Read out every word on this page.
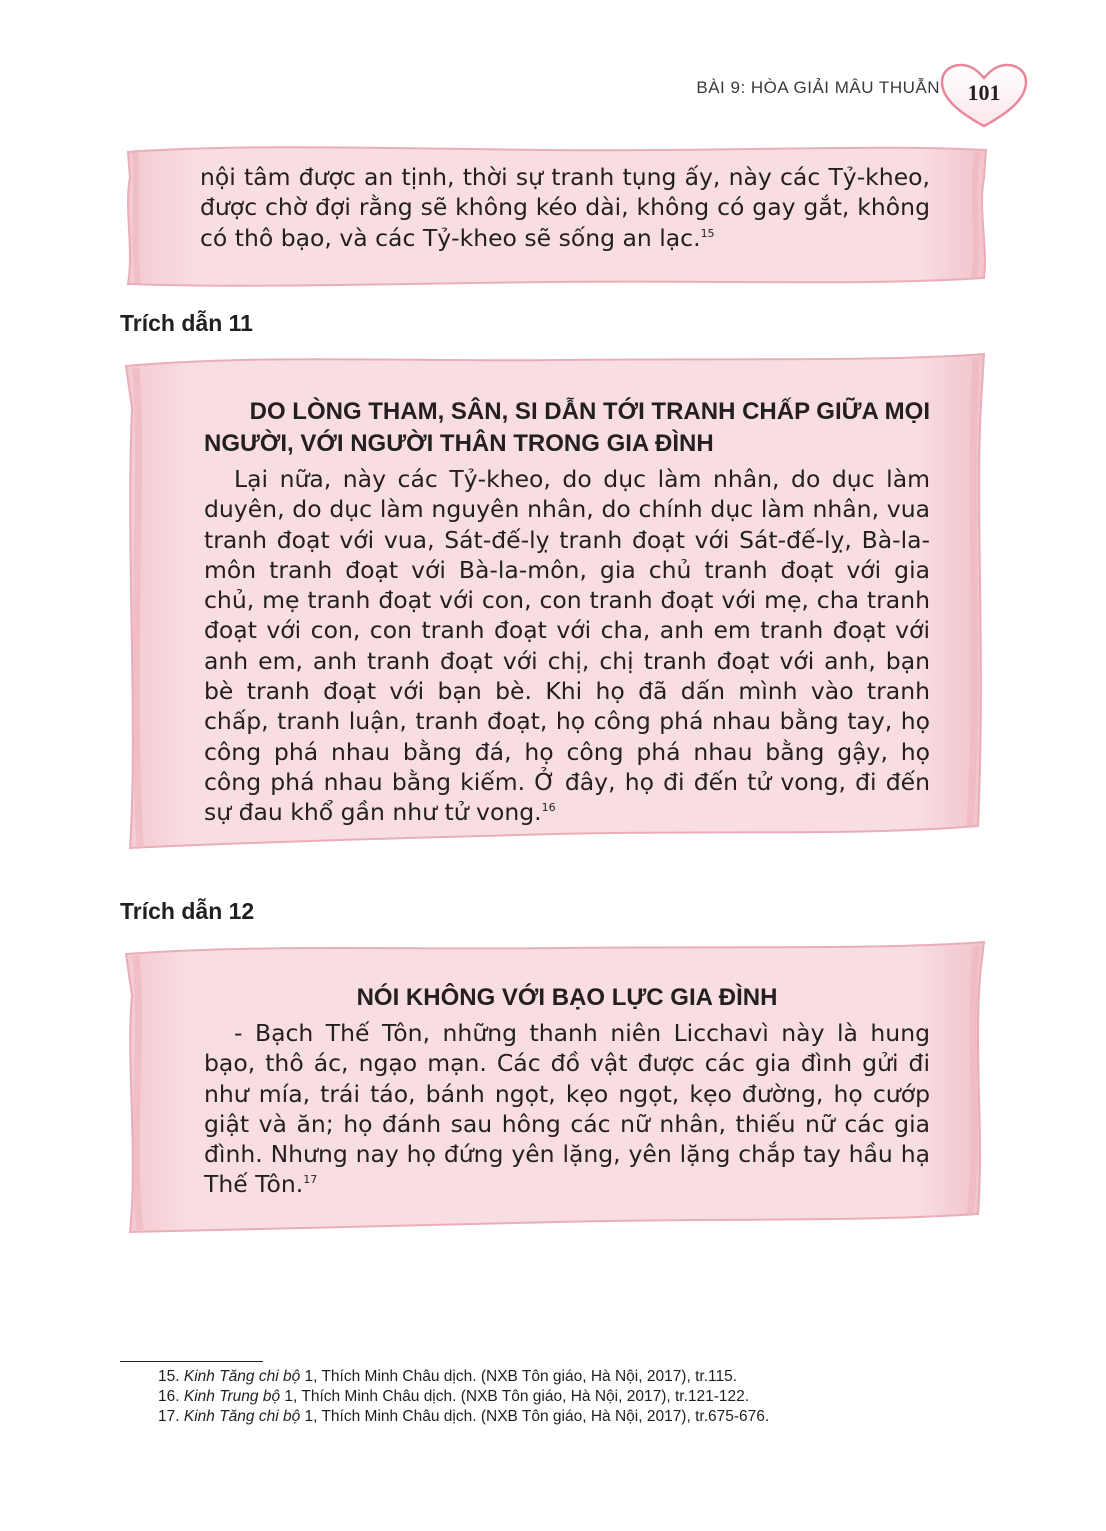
BÀI 9: HÒA GIẢI MÂU THUẪN	101

nội tâm được an tịnh, thời sự tranh tụng ấy, này các Tỷ-kheo, được chờ đợi rằng sẽ không kéo dài, không có gay gắt, không có thô bạo, và các Tỷ-kheo sẽ sống an lạc.$^{15}$

Trích dẫn 11

DO LÒNG THAM, SÂN, SI DẪN TỚI TRANH CHẤP GIỮA MỌI

NGƯỜI, VỚI NGƯỜI THÂN TRONG GIA ĐÌNH

Lại nữa, này các Tỷ-kheo, do dục làm nhân, do dục làm duyên, do dục làm nguyên nhân, do chính dục làm nhân, vua tranh đoạt với vua, Sát-đế-lỵ tranh đoạt với Sát-đế-lỵ, Bà-la-môn tranh đoạt với Bà-la-môn, gia chủ tranh đoạt với gia chủ, mẹ tranh đoạt với con, con tranh đoạt với mẹ, cha tranh đoạt với con, con tranh đoạt với cha, anh em tranh đoạt với anh em, anh tranh đoạt với chị, chị tranh đoạt với anh, bạn bè tranh đoạt với bạn bè. Khi họ đã dấn mình vào tranh chấp, tranh luận, tranh đoạt, họ công phá nhau bằng tay, họ công phá nhau bằng đá, họ công phá nhau bằng gậy, họ công phá nhau bằng kiếm. Ở đây, họ đi đến tử vong, đi đến sự đau khổ gần như tử vong.$^{16}$

Trích dẫn 12

NÓI KHÔNG VỚI BẠO LỰC GIA ĐÌNH

- Bạch Thế Tôn, những thanh niên Licchavì này là hung bạo, thô ác, ngạo mạn. Các đồ vật được các gia đình gửi đi như mía, trái táo, bánh ngọt, kẹo ngọt, kẹo đường, họ cướp giật và ăn; họ đánh sau hông các nữ nhân, thiếu nữ các gia đình. Nhưng nay họ đứng yên lặng, yên lặng chắp tay hầu hạ Thế Tôn.$^{17}$

15. Kinh Tăng chi bộ 1, Thích Minh Châu dịch. (NXB Tôn giáo, Hà Nội, 2017), tr.115.

16. Kinh Trung bộ 1, Thích Minh Châu dịch. (NXB Tôn giáo, Hà Nội, 2017), tr.121-122.

17. Kinh Tăng chi bộ 1, Thích Minh Châu dịch. (NXB Tôn giáo, Hà Nội, 2017), tr.675-676.
